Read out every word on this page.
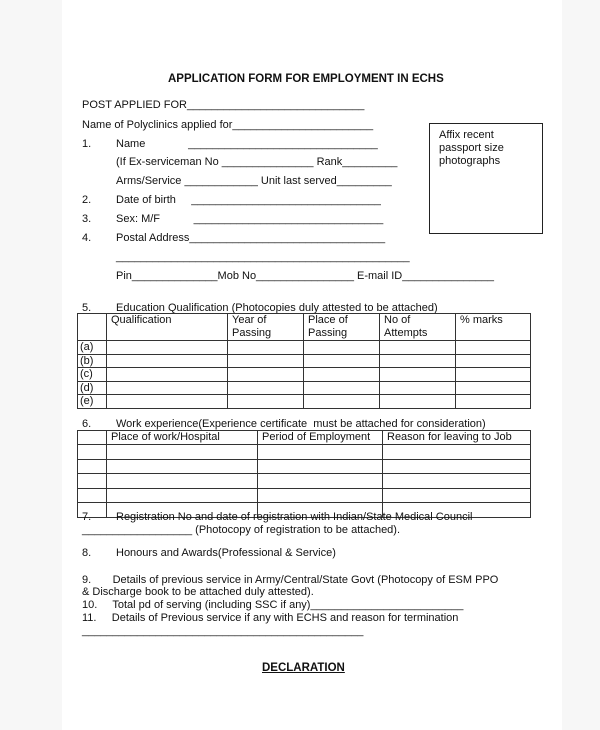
APPLICATION FORM FOR EMPLOYMENT IN ECHS
POST APPLIED FOR_____________________________
Name of Polyclinics applied for_______________________
Affix recent
passport size
photographs
1. Name              _______________________________
(If Ex-serviceman No _______________ Rank_________
Arms/Service ____________ Unit last served_________
2. Date of birth     _______________________________
3. Sex: M/F           _______________________________
4. Postal Address________________________________
________________________________________________
Pin______________Mob No________________ E-mail ID_______________
5. Education Qualification (Photocopies duly attested to be attached)
	Qualification	Year of Passing	Place of Passing	No of Attempts	% marks
(a)					
(b)					
(c)					
(d)					
(e)					
6. Work experience(Experience certificate  must be attached for consideration)
	Place of work/Hospital	Period of Employment	Reason for leaving to Job

7. Registration No and date of registration with Indian/State Medical Council
__________________ (Photocopy of registration to be attached).
8. Honours and Awards(Professional & Service)
9.       Details of previous service in Army/Central/State Govt (Photocopy of ESM PPO
& Discharge book to be attached duly attested).
10.     Total pd of serving (including SSC if any)_________________________
11.     Details of Previous service if any with ECHS and reason for termination
______________________________________________
DECLARATION
